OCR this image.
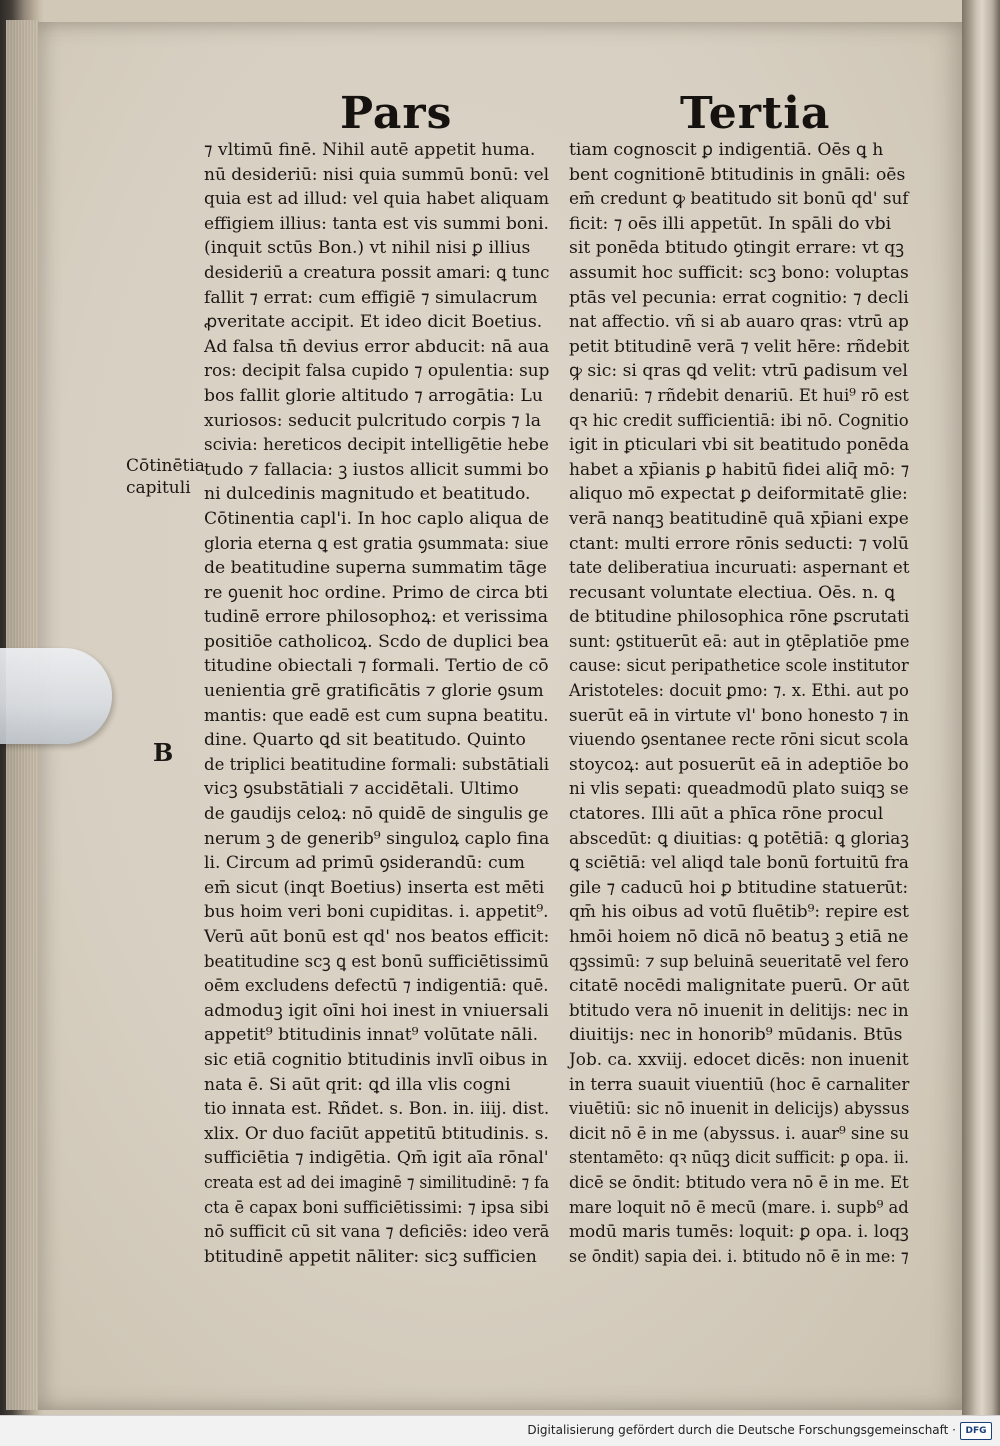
Pars	Tertia
Cōtinētia
capituli
B
⁊ vltimū finē. Nihil autē appetit huma.
nū desideriū: nisi quia summū bonū: vel
quia est ad illud: vel quia habet aliquam
effigiem illius: tanta est vis summi boni.
(inquit sctūs Bon.) vt nihil nisi ꝑ illius
desideriū a creatura possit amari: ꝗ tunc
fallit ⁊ errat: cum effigiē ⁊ simulacrum
ꝓveritate accipit. Et ideo dicit Boetius.
Ad falsa tn̄ devius error abducit: nā aua
ros: decipit falsa cupido ⁊ opulentia: sup
bos fallit glorie altitudo ⁊ arrogātia: Lu
xuriosos: seducit pulcritudo corpis ⁊ la
scivia: hereticos decipit intelligētie hebe
tudo ⁊ fallacia: ꝫ iustos allicit summi bo
ni dulcedinis magnitudo et beatitudo.
Cōtinentia capl'i. In hoc caplo aliqua de
gloria eterna ꝗ est gratia ꝯsummata: siue
de beatitudine superna summatim tāge
re ꝯuenit hoc ordine. Primo de circa bti
tudinē errore philosophoꝝ: et verissima
positiōe catholicoꝝ. Scdo de duplici bea
titudine obiectali ⁊ formali. Tertio de cō
uenientia grē gratificātis ⁊ glorie ꝯsum
mantis: que eadē est cum supna beatitu.
dine. Quarto ꝗd sit beatitudo. Quinto
de triplici beatitudine formali: substātiali
vicꝫ ꝯsubstātiali ⁊ accidētali. Ultimo
de gaudijs celoꝝ: nō quidē de singulis ge
nerum ꝫ de generib⁹ singuloꝝ caplo fina
li. Circum ad primū ꝯsiderandū: cum
em̄ sicut (inqt Boetius) inserta est mēti
bus hoim veri boni cupiditas. i. appetit⁹.
Verū aūt bonū est qd' nos beatos efficit:
beatitudine scꝫ ꝗ est bonū sufficiētissimū
oēm excludens defectū ⁊ indigentiā: quē.
admoduꝫ igit oīni hoi inest in vniuersali
appetit⁹ btitudinis innat⁹ volūtate nāli.
sic etiā cognitio btitudinis invlī oibus in
nata ē. Si aūt qrit: ꝗd illa vlis cogni
tio innata est. Rñdet. s. Bon. in. iiij. dist.
xlix. Or duo faciūt appetitū btitudinis. s.
sufficiētia ⁊ indigētia. Qm̄ igit aīa rōnal'
creata est ad dei imaginē ⁊ similitudinē: ⁊ fa
cta ē capax boni sufficiētissimi: ⁊ ipsa sibi
nō sufficit cū sit vana ⁊ deficiēs: ideo verā
btitudinē appetit nāliter: sicꝫ sufficien
tiam cognoscit ꝑ indigentiā. Oēs ꝗ h
bent cognitionē btitudinis in gnāli: oēs
em̄ credunt ꝙ beatitudo sit bonū qd' suf
ficit: ⁊ oēs illi appetūt. In spāli do vbi
sit ponēda btitudo ꝯtingit errare: vt qꝫ
assumit hoc sufficit: scꝫ bono: voluptas
ptās vel pecunia: errat cognitio: ⁊ decli
nat affectio. vñ si ab auaro qras: vtrū ap
petit btitudinē verā ⁊ velit hēre: rñdebit
ꝙ sic: si qras ꝗd velit: vtrū ꝑadisum vel
denariū: ⁊ rñdebit denariū. Et hui⁹ rō est
qꝛ hic credit sufficientiā: ibi nō. Cognitio
igit in ꝑticulari vbi sit beatitudo ponēda
habet a xp̄ianis ꝑ habitū fidei aliq̄ mō: ⁊
aliquo mō expectat ꝑ deiformitatē glie:
verā nanqꝫ beatitudinē quā xp̄iani expe
ctant: multi errore rōnis seducti: ⁊ volū
tate deliberatiua incuruati: aspernant et
recusant voluntate electiua. Oēs. n. ꝗ
de btitudine philosophica rōne ꝑscrutati
sunt: ꝯstituerūt eā: aut in ꝯtēplatiōe pme
cause: sicut peripathetice scole institutor
Aristoteles: docuit ꝑmo: ⁊. x. Ethi. aut po
suerūt eā in virtute vl' bono honesto ⁊ in
viuendo ꝯsentanee recte rōni sicut scola
stoycoꝝ: aut posuerūt eā in adeptiōe bo
ni vlis sepati: queadmodū plato suiqꝫ se
ctatores. Illi aūt a phīca rōne procul
abscedūt: ꝗ diuitias: ꝗ potētiā: ꝗ gloriaꝫ
ꝗ sciētiā: vel aliqd tale bonū fortuitū fra
gile ⁊ caducū hoi ꝑ btitudine statuerūt:
qm̄ his oibus ad votū fluētib⁹: repire est
hmōi hoiem nō dicā nō beatuꝫ ꝫ etiā ne
qꝫssimū: ⁊ sup beluinā seueritatē vel fero
citatē nocēdi malignitate puerū. Or aūt
btitudo vera nō inuenit in delitijs: nec in
diuitijs: nec in honorib⁹ mūdanis. Btūs
Job. ca. xxviij. edocet dicēs: non inuenit
in terra suauit viuentiū (hoc ē carnaliter
viuētiū: sic nō inuenit in delicijs) abyssus
dicit nō ē in me (abyssus. i. auar⁹ sine su
stentamēto: qꝛ nūqꝫ dicit sufficit: ꝑ opa. ii.
dicē se ōndit: btitudo vera nō ē in me. Et
mare loquit nō ē mecū (mare. i. supb⁹ ad
modū maris tumēs: loquit: ꝑ opa. i. loqꝫ
se ōndit) sapia dei. i. btitudo nō ē in me: ⁊
Digitalisierung gefördert durch die Deutsche Forschungsgemeinschaft ·	DFG
